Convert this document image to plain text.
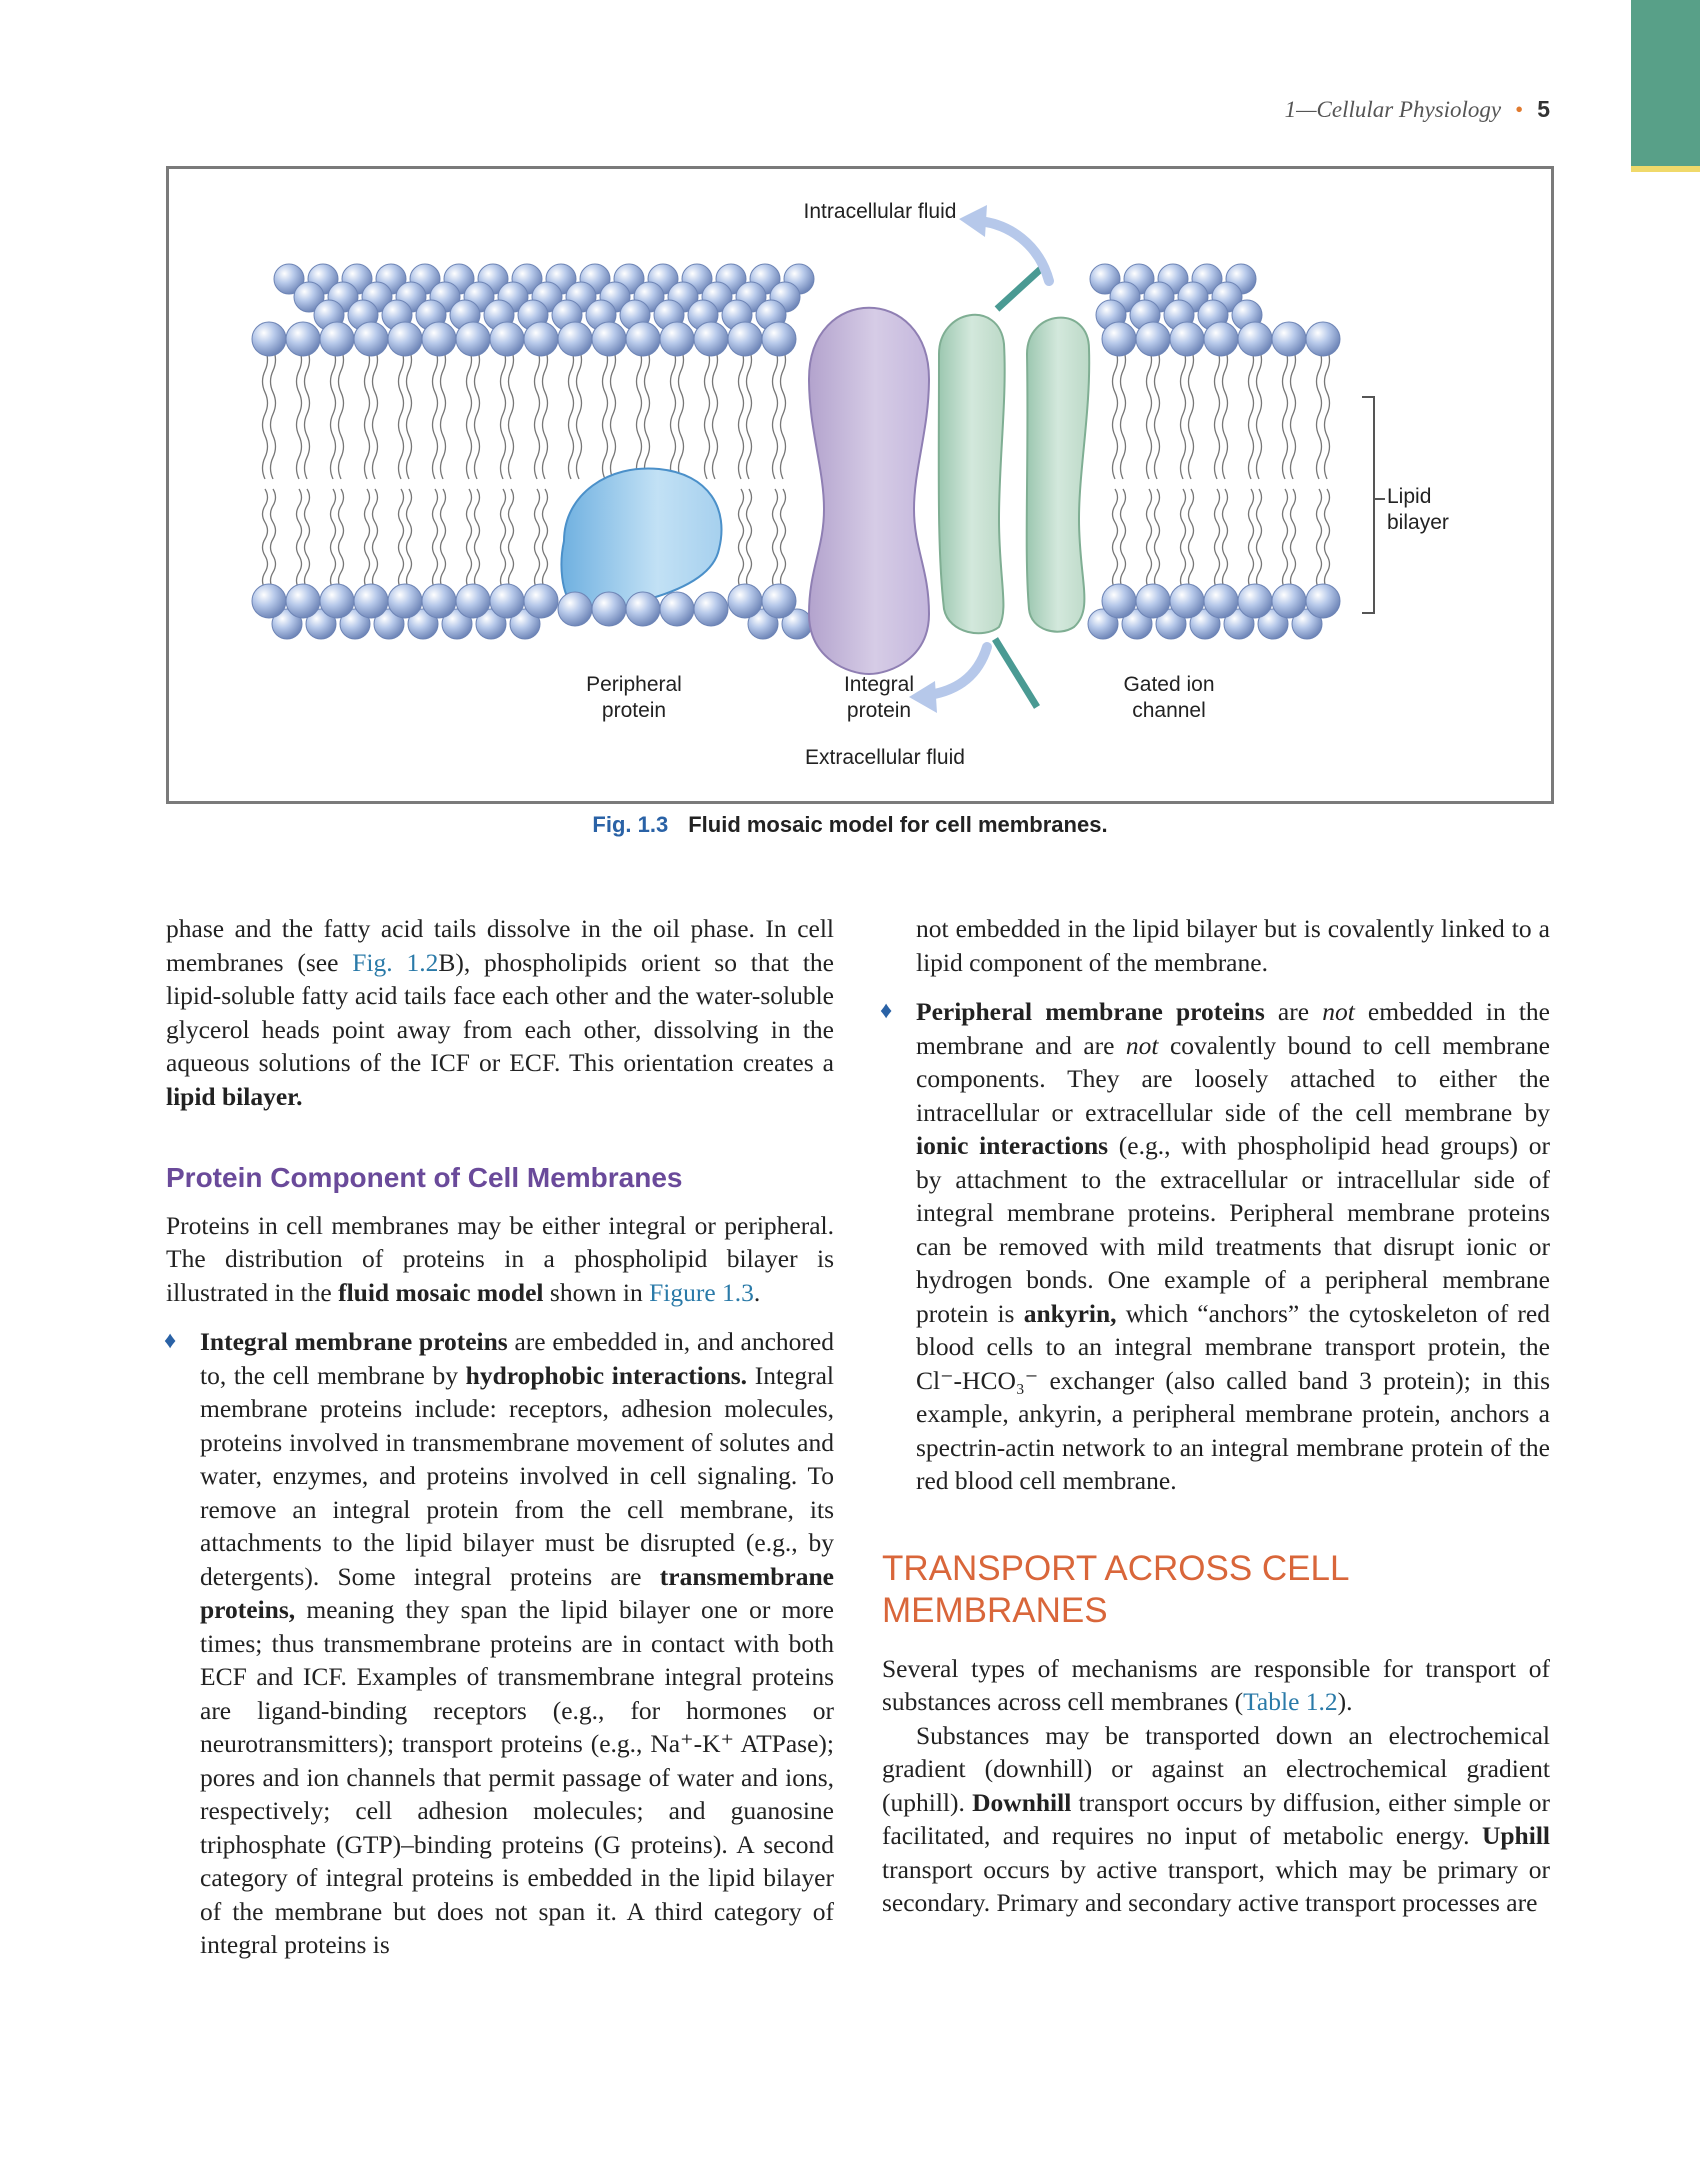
1—Cellular Physiology • 5
Intracellular fluid
Extracellular fluid
Peripheral
protein
Integral
protein
Gated ion
channel
Lipid
bilayer
Fig. 1.3 Fluid mosaic model for cell membranes.

phase and the fatty acid tails dissolve in the oil phase. In cell membranes (see Fig. 1.2B), phospholipids orient so that the lipid-soluble fatty acid tails face each other and the water-soluble glycerol heads point away from each other, dissolving in the aqueous solutions of the ICF or ECF. This orientation creates a lipid bilayer.

Protein Component of Cell Membranes

Proteins in cell membranes may be either integral or peripheral. The distribution of proteins in a phospholipid bilayer is illustrated in the fluid mosaic model shown in Figure 1.3.

♦ Integral membrane proteins are embedded in, and anchored to, the cell membrane by hydrophobic interactions. Integral membrane proteins include: receptors, adhesion molecules, proteins involved in transmembrane movement of solutes and water, enzymes, and proteins involved in cell signaling. To remove an integral protein from the cell membrane, its attachments to the lipid bilayer must be disrupted (e.g., by detergents). Some integral proteins are transmembrane proteins, meaning they span the lipid bilayer one or more times; thus transmembrane proteins are in contact with both ECF and ICF. Examples of transmembrane integral proteins are ligand-binding receptors (e.g., for hormones or neurotransmitters); transport proteins (e.g., Na⁺-K⁺ ATPase); pores and ion channels that permit passage of water and ions, respectively; cell adhesion molecules; and guanosine triphosphate (GTP)–binding proteins (G proteins). A second category of integral proteins is embedded in the lipid bilayer of the membrane but does not span it. A third category of integral proteins is

not embedded in the lipid bilayer but is covalently linked to a lipid component of the membrane.

♦ Peripheral membrane proteins are not embedded in the membrane and are not covalently bound to cell membrane components. They are loosely attached to either the intracellular or extracellular side of the cell membrane by ionic interactions (e.g., with phospholipid head groups) or by attachment to the extracellular or intracellular side of integral membrane proteins. Peripheral membrane proteins can be removed with mild treatments that disrupt ionic or hydrogen bonds. One example of a peripheral membrane protein is ankyrin, which “anchors” the cytoskeleton of red blood cells to an integral membrane transport protein, the Cl⁻-HCO₃⁻ exchanger (also called band 3 protein); in this example, ankyrin, a peripheral membrane protein, anchors a spectrin-actin network to an integral membrane protein of the red blood cell membrane.

TRANSPORT ACROSS CELL
MEMBRANES

Several types of mechanisms are responsible for transport of substances across cell membranes (Table 1.2).

Substances may be transported down an electrochemical gradient (downhill) or against an electrochemical gradient (uphill). Downhill transport occurs by diffusion, either simple or facilitated, and requires no input of metabolic energy. Uphill transport occurs by active transport, which may be primary or secondary. Primary and secondary active transport processes are
